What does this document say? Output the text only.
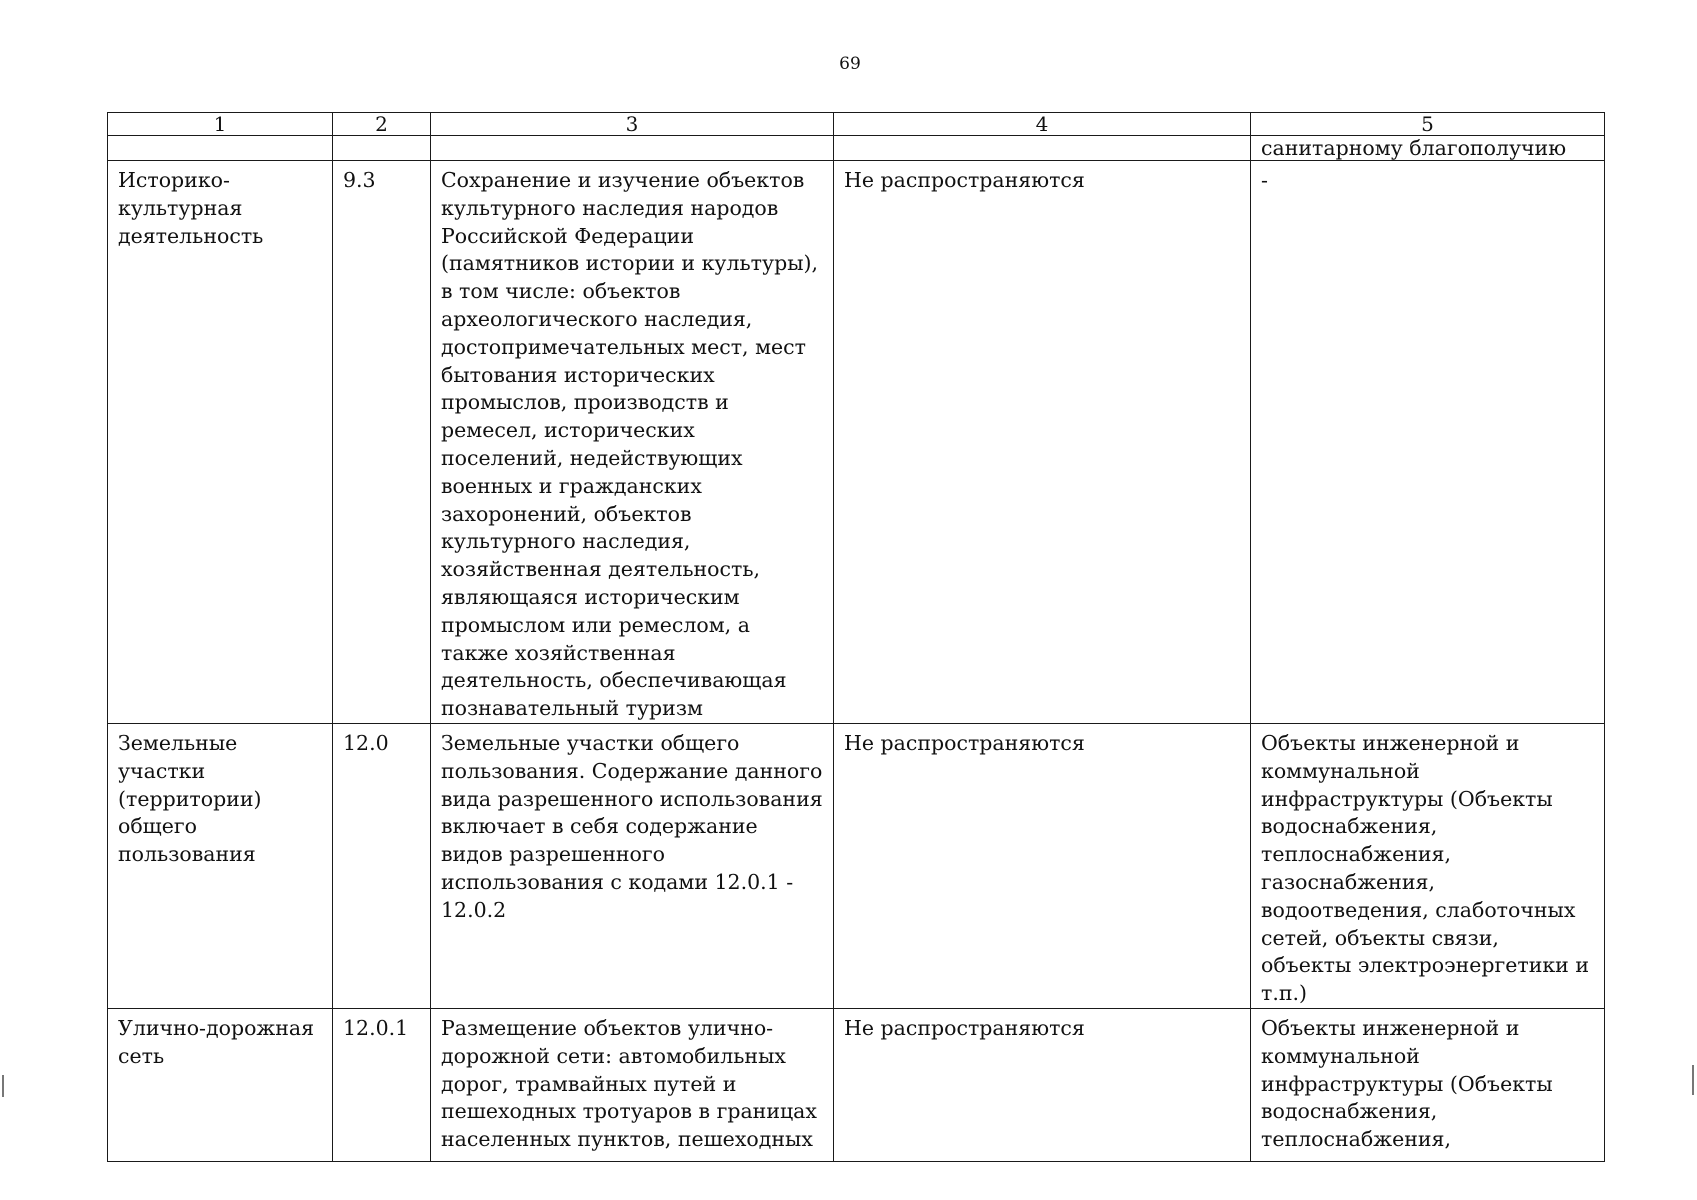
69
1	2	3	4	5
				санитарному благополучию
Историко-культурная деятельность	9.3	Сохранение и изучение объектов культурного наследия народов Российской Федерации (памятников истории и культуры), в том числе: объектов археологического наследия, достопримечательных мест, мест бытования исторических промыслов, производств и ремесел, исторических поселений, недействующих военных и гражданских захоронений, объектов культурного наследия, хозяйственная деятельность, являющаяся историческим промыслом или ремеслом, а также хозяйственная деятельность, обеспечивающая познавательный туризм	Не распространяются	-
Земельные участки (территории) общего пользования	12.0	Земельные участки общего пользования. Содержание данного вида разрешенного использования включает в себя содержание видов разрешенного использования с кодами 12.0.1 - 12.0.2	Не распространяются	Объекты инженерной и коммунальной инфраструктуры (Объекты водоснабжения, теплоснабжения, газоснабжения, водоотведения, слаботочных сетей, объекты связи, объекты электроэнергетики и т.п.)
Улично-дорожная сеть	12.0.1	Размещение объектов улично-дорожной сети: автомобильных дорог, трамвайных путей и пешеходных тротуаров в границах населенных пунктов, пешеходных	Не распространяются	Объекты инженерной и коммунальной инфраструктуры (Объекты водоснабжения, теплоснабжения,
